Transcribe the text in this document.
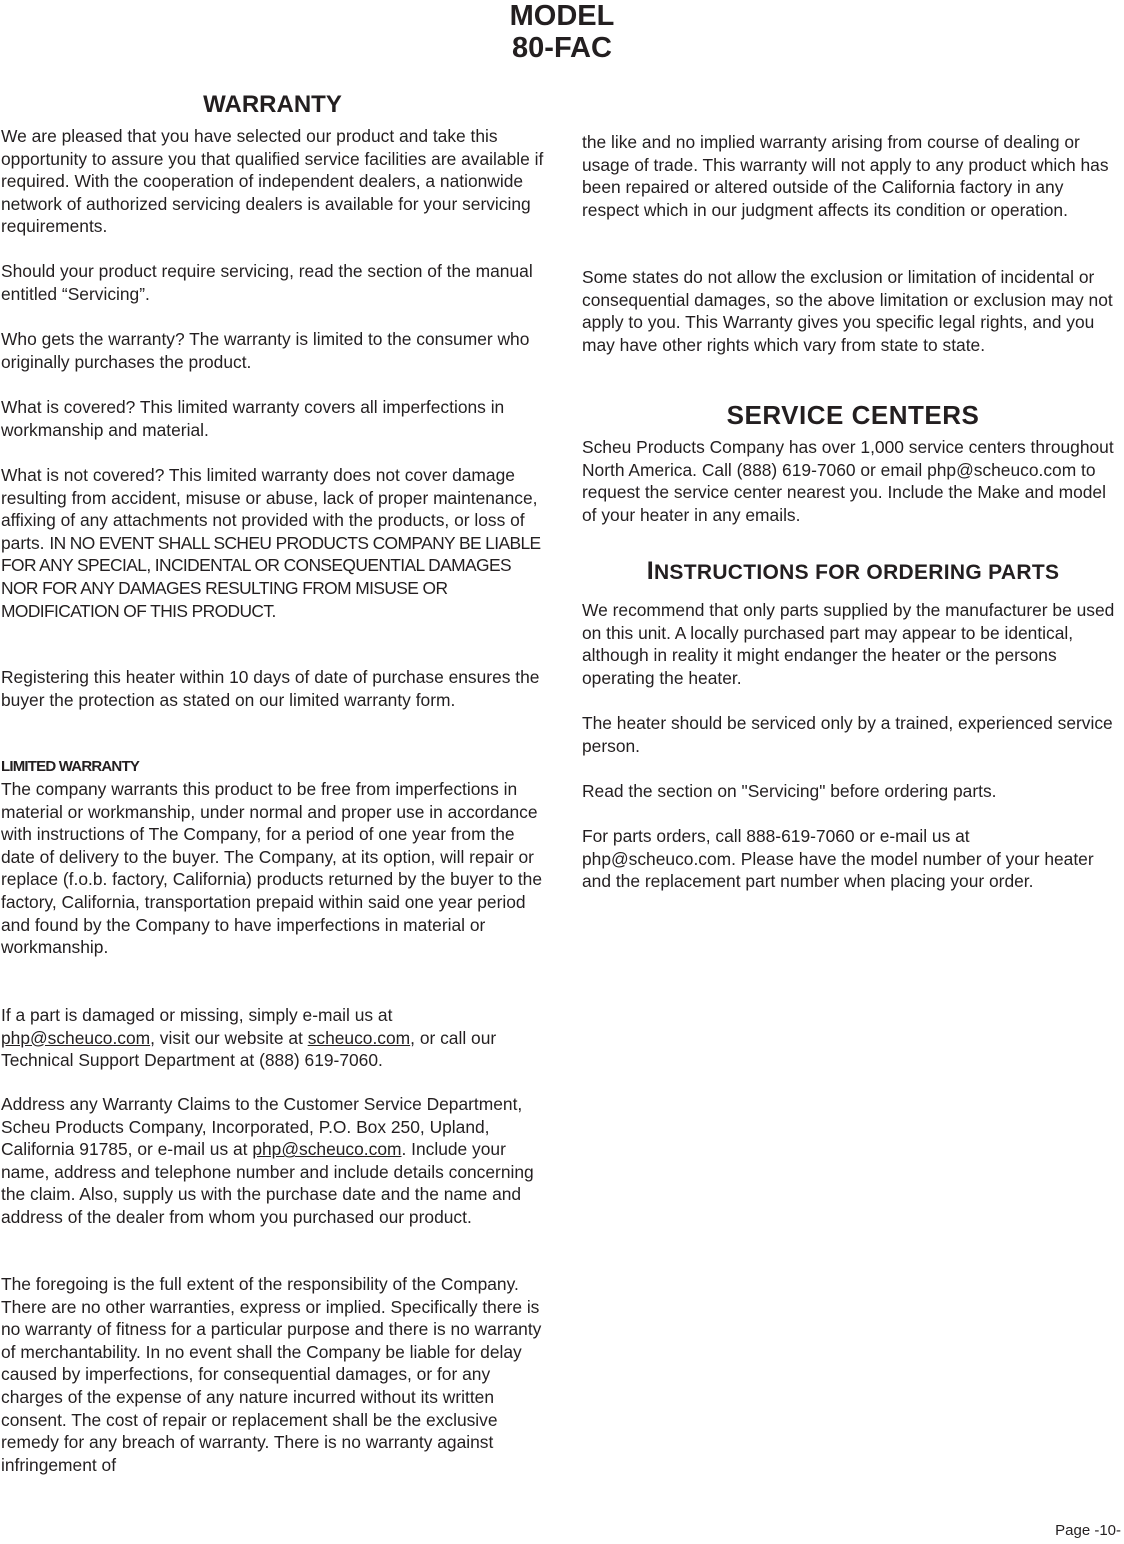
MODEL
80-FAC
WARRANTY

We are pleased that you have selected our product and take this opportunity to assure you that qualified service facilities are available if required. With the cooperation of independent dealers, a nationwide network of authorized servicing dealers is available for your servicing requirements.

Should your product require servicing, read the section of the manual entitled “Servicing”.

Who gets the warranty? The warranty is limited to the consumer who originally purchases the product.

What is covered? This limited warranty covers all imperfections in workmanship and material.

What is not covered? This limited warranty does not cover damage resulting from accident, misuse or abuse, lack of proper maintenance, affixing of any attachments not provided with the products, or loss of parts. IN NO EVENT SHALL SCHEU PRODUCTS COMPANY BE LIABLE FOR ANY SPECIAL, INCIDENTAL OR CONSEQUENTIAL DAMAGES NOR FOR ANY DAMAGES RESULTING FROM MISUSE OR MODIFICATION OF THIS PRODUCT.

Registering this heater within 10 days of date of purchase ensures the buyer the protection as stated on our limited warranty form.

LIMITED WARRANTY

The company warrants this product to be free from imperfections in material or workmanship, under normal and proper use in accordance with instructions of The Company, for a period of one year from the date of delivery to the buyer. The Company, at its option, will repair or replace (f.o.b. factory, California) products returned by the buyer to the factory, California, transportation prepaid within said one year period and found by the Company to have imperfections in material or workmanship.

If a part is damaged or missing, simply e-mail us at php@scheuco.com, visit our website at scheuco.com, or call our Technical Support Department at (888) 619-7060.

Address any Warranty Claims to the Customer Service Department, Scheu Products Company, Incorporated, P.O. Box 250, Upland, California 91785, or e-mail us at php@scheuco.com. Include your name, address and telephone number and include details concerning the claim. Also, supply us with the purchase date and the name and address of the dealer from whom you purchased our product.

The foregoing is the full extent of the responsibility of the Company. There are no other warranties, express or implied. Specifically there is no warranty of fitness for a particular purpose and there is no warranty of merchantability. In no event shall the Company be liable for delay caused by imperfections, for consequential damages, or for any charges of the expense of any nature incurred without its written consent. The cost of repair or replacement shall be the exclusive remedy for any breach of warranty. There is no warranty against infringement of

the like and no implied warranty arising from course of dealing or usage of trade. This warranty will not apply to any product which has been repaired or altered outside of the California factory in any respect which in our judgment affects its condition or operation.

Some states do not allow the exclusion or limitation of incidental or consequential damages, so the above limitation or exclusion may not apply to you. This Warranty gives you specific legal rights, and you may have other rights which vary from state to state.

SERVICE CENTERS

Scheu Products Company has over 1,000 service centers throughout North America. Call (888) 619-7060 or email php@scheuco.com to request the service center nearest you. Include the Make and model of your heater in any emails.

INSTRUCTIONS FOR ORDERING PARTS

We recommend that only parts supplied by the manufacturer be used on this unit. A locally purchased part may appear to be identical, although in reality it might endanger the heater or the persons operating the heater.

The heater should be serviced only by a trained, experienced service person.

Read the section on "Servicing" before ordering parts.

For parts orders, call 888-619-7060 or e-mail us at php@scheuco.com. Please have the model number of your heater and the replacement part number when placing your order.

Page -10-
